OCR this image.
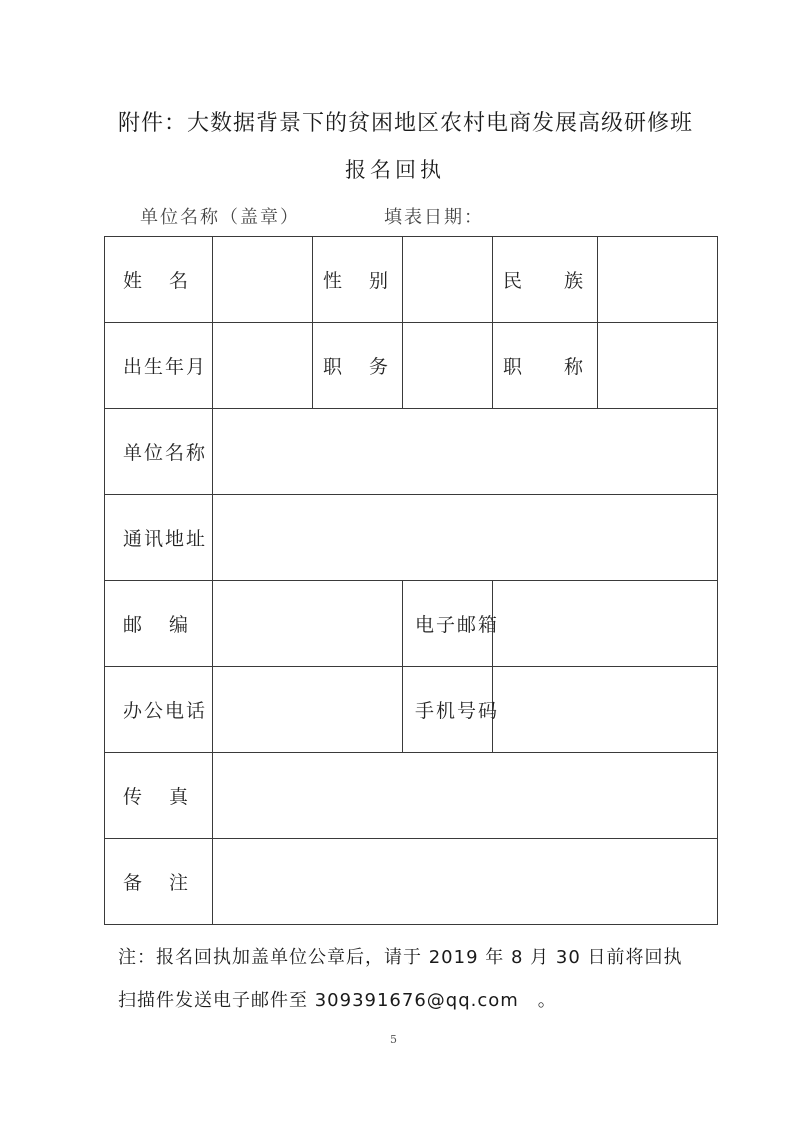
附件：大数据背景下的贫困地区农村电商发展高级研修班
报名回执
单位名称（盖章）	填表日期：
姓 名		性 别		民 族	

出生年月		职 务		职 称	

单位名称					

通讯地址					

邮 编			电子邮箱		

办公电话			手机号码		

传 真					

备 注					

注：报名回执加盖单位公章后，请于 2019 年 8 月 30 日前将回执
扫描件发送电子邮件至 309391676@qq.com　。
5
